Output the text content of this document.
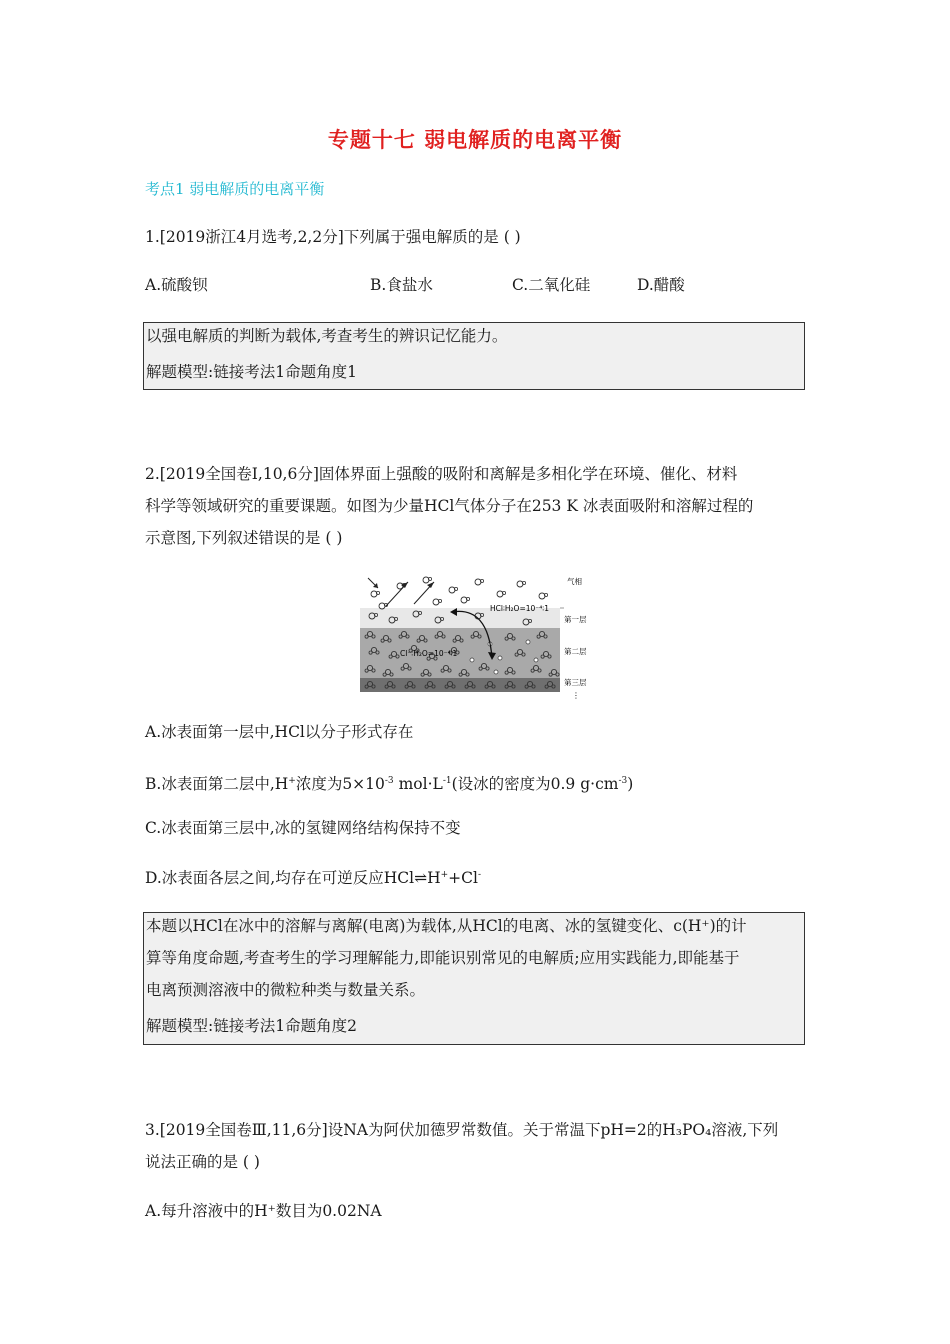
专题十七 弱电解质的电离平衡
考点1 弱电解质的电离平衡
1.[2019浙江4月选考,2,2分]下列属于强电解质的是 ( )
A.硫酸钡	B.食盐水	C.二氧化硅	D.醋酸
以强电解质的判断为载体,考查考生的辨识记忆能力。
解题模型:链接考法1命题角度1
2.[2019全国卷Ⅰ,10,6分]固体界面上强酸的吸附和离解是多相化学在环境、催化、材料
科学等领域研究的重要课题。如图为少量HCl气体分子在253 K 冰表面吸附和溶解过程的
示意图,下列叙述错误的是 ( )
HCl∶H₂O=10⁻⁴∶1
Cl⁻∶H₂O=10⁻⁴∶1
气相
第一层
第二层
第三层
⋮
A.冰表面第一层中,HCl以分子形式存在
B.冰表面第二层中,H+浓度为$5\times 10^{-3}$ $mol\cdot L^{-1}$(设冰的密度为0.9 $g\cdot cm^{-3}$)
C.冰表面第三层中,冰的氢键网络结构保持不变
D.冰表面各层之间,均存在可逆反应HCl⇌H++Cl-
本题以HCl在冰中的溶解与离解(电离)为载体,从HCl的电离、冰的氢键变化、c(H⁺)的计
算等角度命题,考查考生的学习理解能力,即能识别常见的电解质;应用实践能力,即能基于
电离预测溶液中的微粒种类与数量关系。
解题模型:链接考法1命题角度2
3.[2019全国卷Ⅲ,11,6分]设NA为阿伏加德罗常数值。关于常温下pH=2的H₃PO₄溶液,下列
说法正确的是 ( )
A.每升溶液中的H⁺数目为0.02NA
